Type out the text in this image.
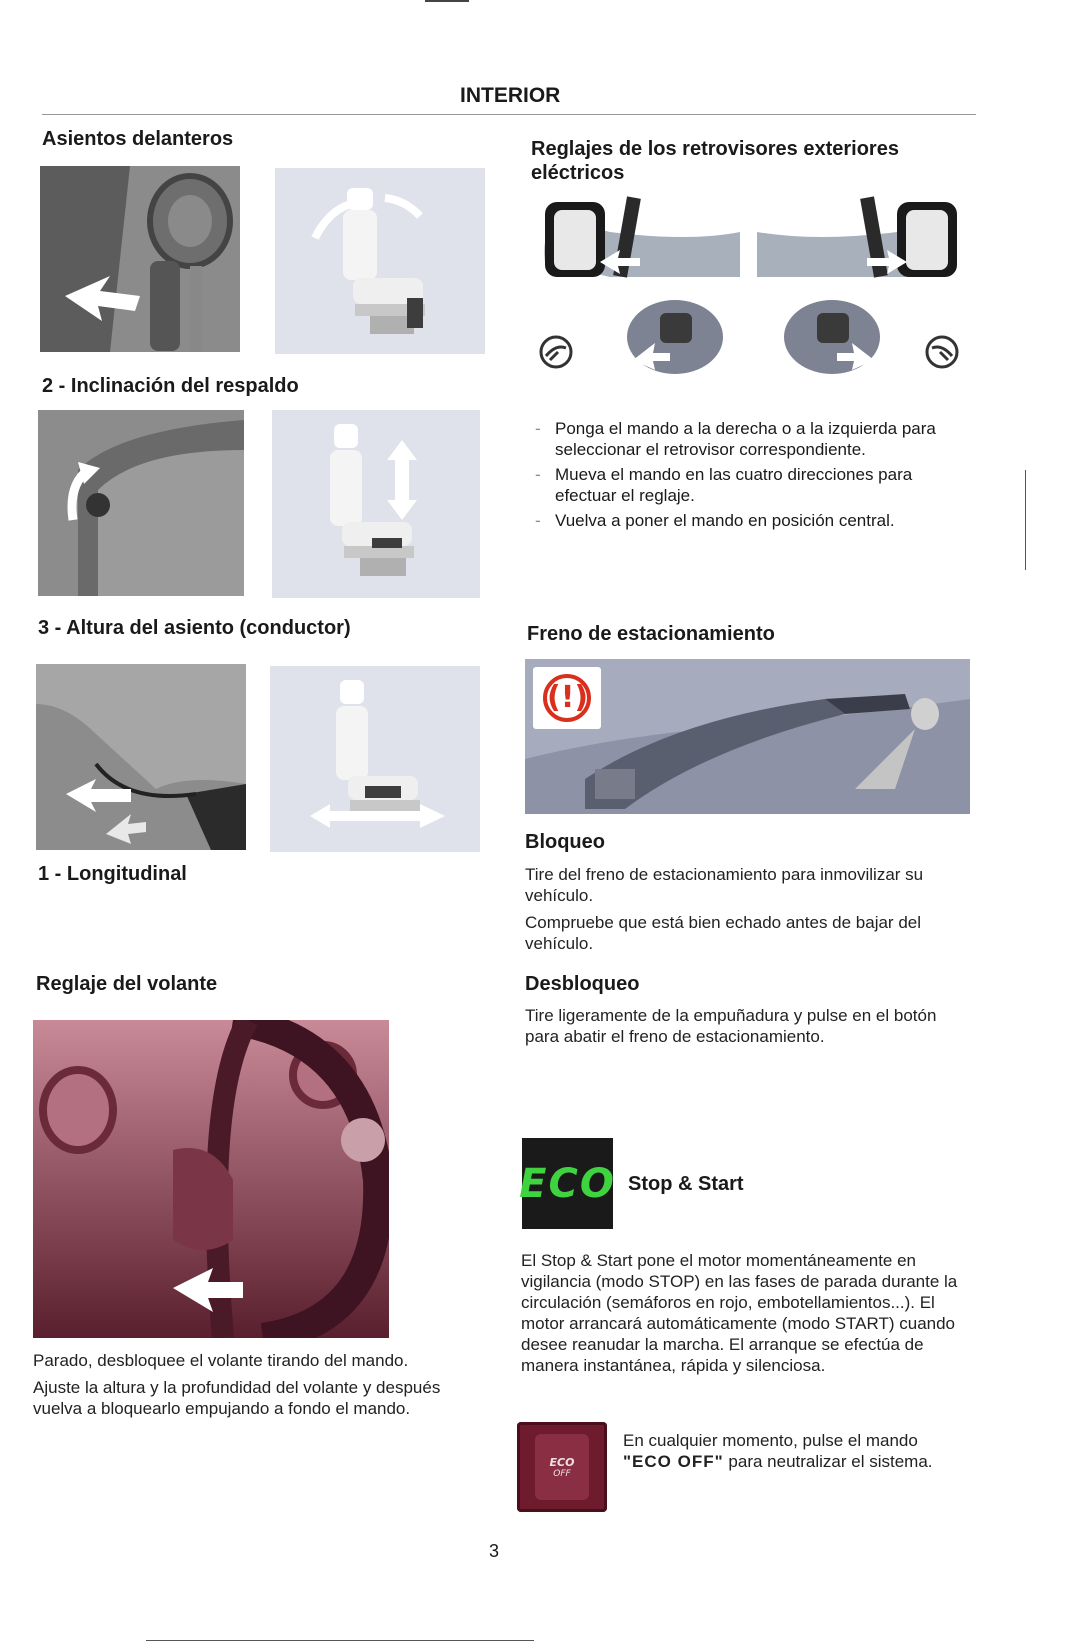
INTERIOR
Asientos delanteros
2 - Inclinación del respaldo
3 - Altura del asiento (conductor)
1 - Longitudinal
Reglaje del volante
Parado, desbloquee el volante tirando del mando.
Ajuste la altura y la profundidad del volante y después vuelva a bloquearlo empujando a fondo el mando.
Reglajes de los retrovisores exteriores eléctricos
- Ponga el mando a la derecha o a la izquierda para seleccionar el retrovisor correspondiente.
- Mueva el mando en las cuatro direcciones para efectuar el reglaje.
- Vuelva a poner el mando en posición central.
Freno de estacionamiento
(!)
Bloqueo
Tire del freno de estacionamiento para inmovilizar su vehículo.
Compruebe que está bien echado antes de bajar del vehículo.
Desbloqueo
Tire ligeramente de la empuñadura y pulse en el botón para abatir el freno de estacionamiento.
ECO Stop & Start
El Stop & Start pone el motor momentáneamente en vigilancia (modo STOP) en las fases de parada durante la circulación (semáforos en rojo, embotellamientos...). El motor arrancará automáticamente (modo START) cuando desee reanudar la marcha. El arranque se efectúa de manera instantánea, rápida y silenciosa.
ECO
OFF
En cualquier momento, pulse el mando
"ECO OFF" para neutralizar el sistema.
3
